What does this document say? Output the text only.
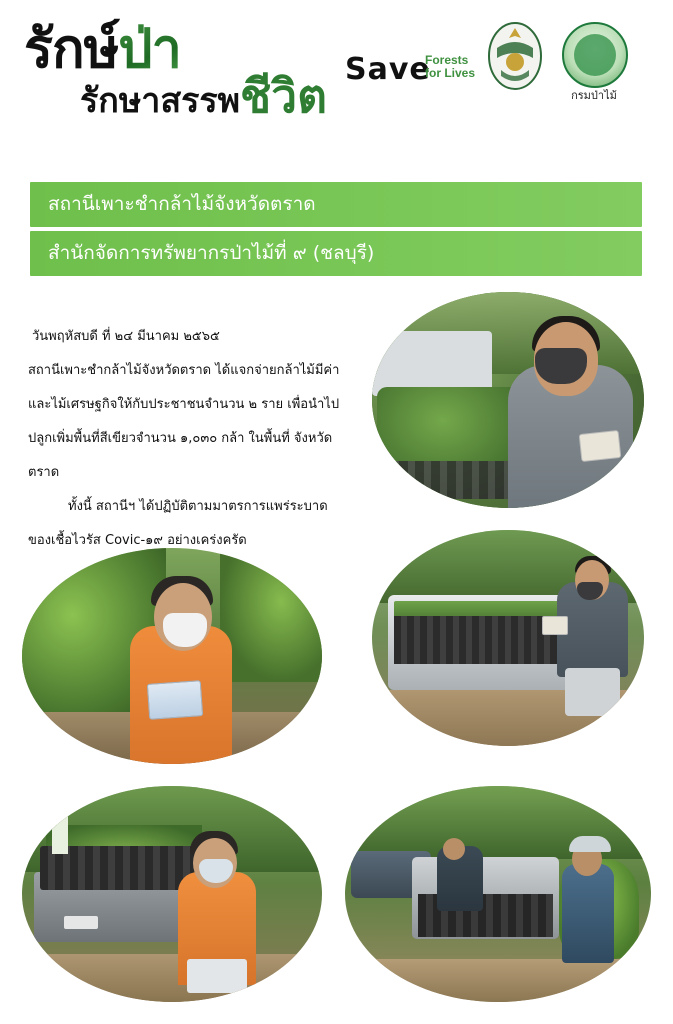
รักษ์ป่า
รักษาสรรพชีวิต Save
Forests
for Lives
กรมป่าไม้
สถานีเพาะชำกล้าไม้จังหวัดตราด
สำนักจัดการทรัพยากรป่าไม้ที่ ๙ (ชลบุรี)

วันพฤหัสบดี ที่ ๒๔ มีนาคม ๒๕๖๕

สถานีเพาะชำกล้าไม้จังหวัดตราด ได้แจกจ่ายกล้าไม้มีค่า

และไม้เศรษฐกิจให้กับประชาชนจำนวน ๒ ราย เพื่อนำไป

ปลูกเพิ่มพื้นที่สีเขียวจำนวน ๑,๐๓๐ กล้า ในพื้นที่ จังหวัด ตราด

ทั้งนี้ สถานีฯ ได้ปฏิบัติตามมาตรการแพร่ระบาด

ของเชื้อไวรัส Covic-๑๙ อย่างเคร่งครัด
